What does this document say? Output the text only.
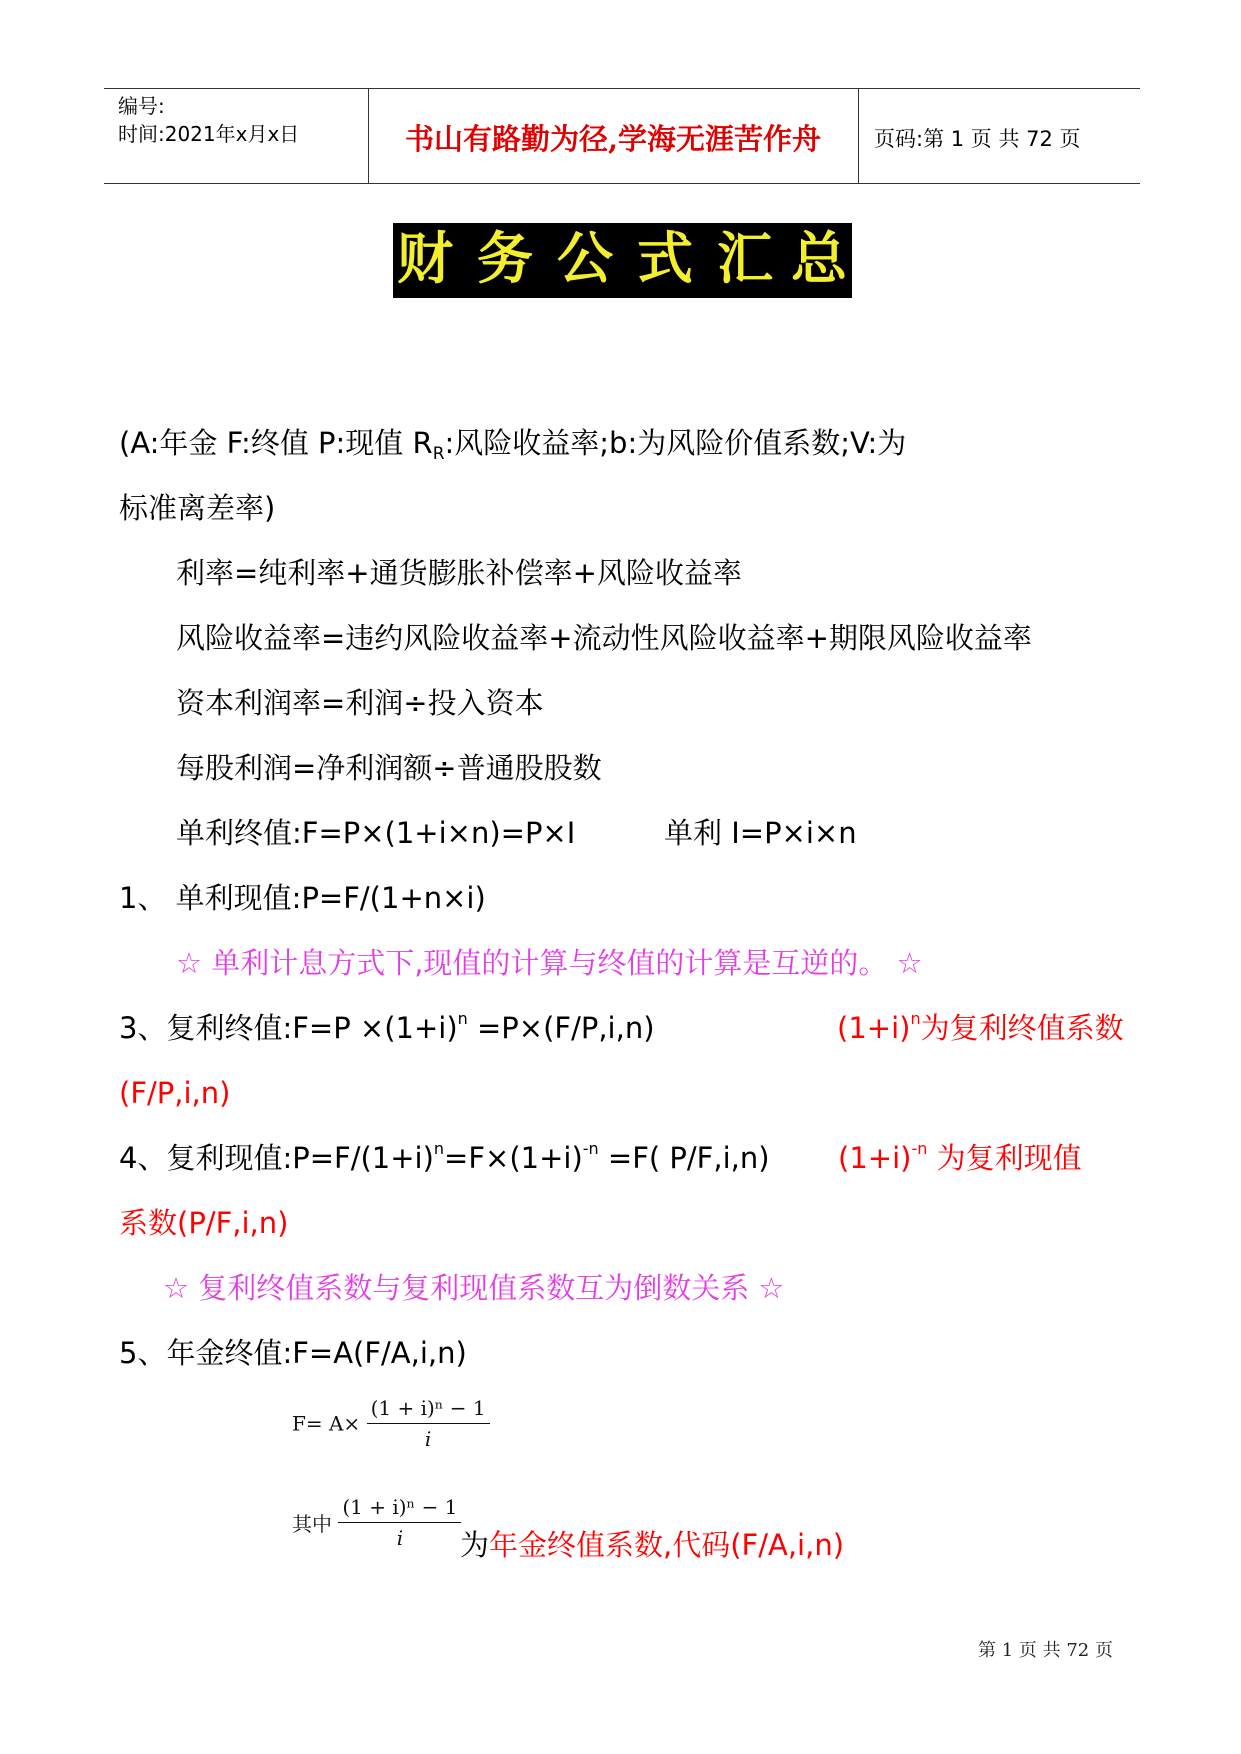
编号:
时间:2021年x月x日	书山有路勤为径,学海无涯苦作舟	页码:第 1 页 共 72 页
财 务 公 式 汇 总
(A:年金 F:终值 P:现值 $R_R$:风险收益率;b:为风险价值系数;V:为
标准离差率)
利率=纯利率+通货膨胀补偿率+风险收益率
风险收益率=违约风险收益率+流动性风险收益率+期限风险收益率
资本利润率=利润÷投入资本
每股利润=净利润额÷普通股股数
单利终值:F=P×(1+i×n)=P×I	单利 I=P×i×n
1、 单利现值:P=F/(1+n×i)
☆ 单利计息方式下,现值的计算与终值的计算是互逆的。 ☆
3、复利终值:F=P $\times(1+i)^n =P\times(F/P,i,n)$	$(1+i)^n$为复利终值系数
(F/P,i,n)
4、复利现值$:P=F/(1+i)^n=F\times(1+i)^{-n} =F$( P/F,i,n) $(1+i)^{-n}$ 为复利现值
系数(P/F,i,n)
☆ 复利终值系数与复利现值系数互为倒数关系 ☆
5、年金终值:F=A(F/A,i,n)
$F= A\times \frac{\text{(1 + i)ⁿ − 1}}{i}$
其中 $\frac{\text{(1 + i)ⁿ − 1}}{i}$
为年金终值系数,代码(F/A,i,n)
第 1 页 共 72 页
